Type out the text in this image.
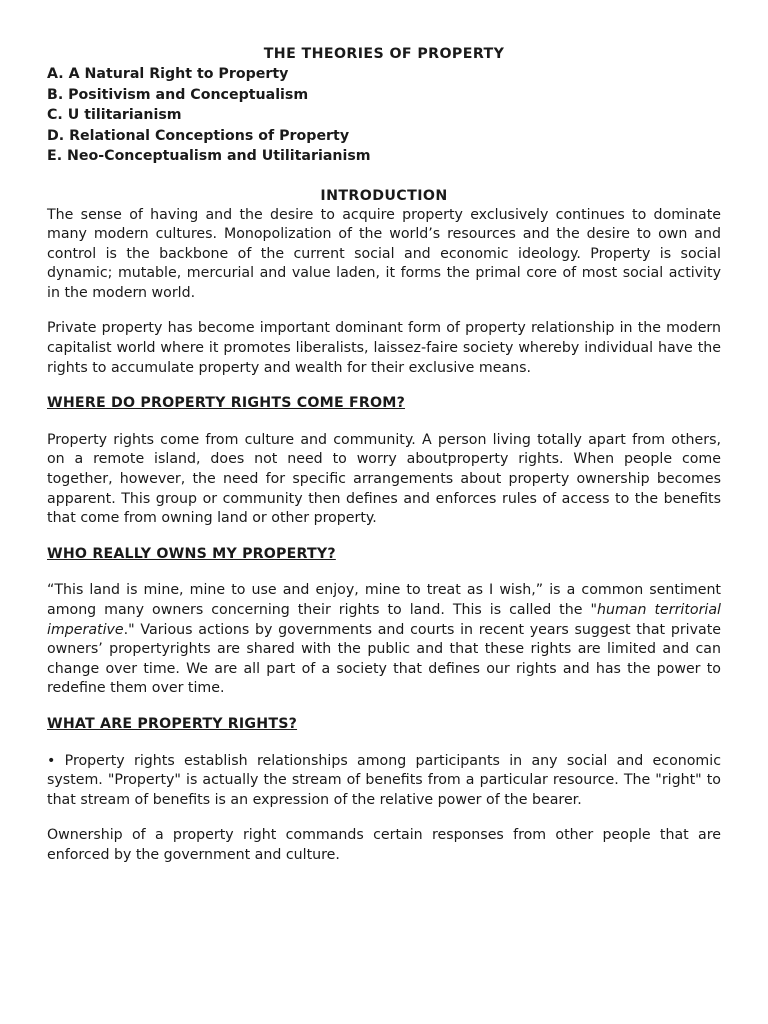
THE THEORIES OF PROPERTY
A. A Natural Right to Property
B. Positivism and Conceptualism
C. U tilitarianism
D. Relational Conceptions of Property
E. Neo-Conceptualism and Utilitarianism
INTRODUCTION

The sense of having and the desire to acquire property exclusively continues to dominate many modern cultures. Monopolization of the world’s resources and the desire to own and control is the backbone of the current social and economic ideology. Property is social dynamic; mutable, mercurial and value laden, it forms the primal core of most social activity in the modern world.

Private property has become important dominant form of property relationship in the modern capitalist world where it promotes liberalists, laissez-faire society whereby individual have the rights to accumulate property and wealth for their exclusive means.

WHERE DO PROPERTY RIGHTS COME FROM?

Property rights come from culture and community. A person living totally apart from others, on a remote island, does not need to worry aboutproperty rights. When people come together, however, the need for specific arrangements about property ownership becomes apparent. This group or community then defines and enforces rules of access to the benefits that come from owning land or other property.

WHO REALLY OWNS MY PROPERTY?

“This land is mine, mine to use and enjoy, mine to treat as I wish,” is a common sentiment among many owners concerning their rights to land. This is called the "human territorial imperative." Various actions by governments and courts in recent years suggest that private owners’ propertyrights are shared with the public and that these rights are limited and can change over time. We are all part of a society that defines our rights and has the power to redefine them over time.

WHAT ARE PROPERTY RIGHTS?

• Property rights establish relationships among participants in any social and economic system. "Property" is actually the stream of benefits from a particular resource. The "right" to that stream of benefits is an expression of the relative power of the bearer.

Ownership of a property right commands certain responses from other people that are enforced by the government and culture.
